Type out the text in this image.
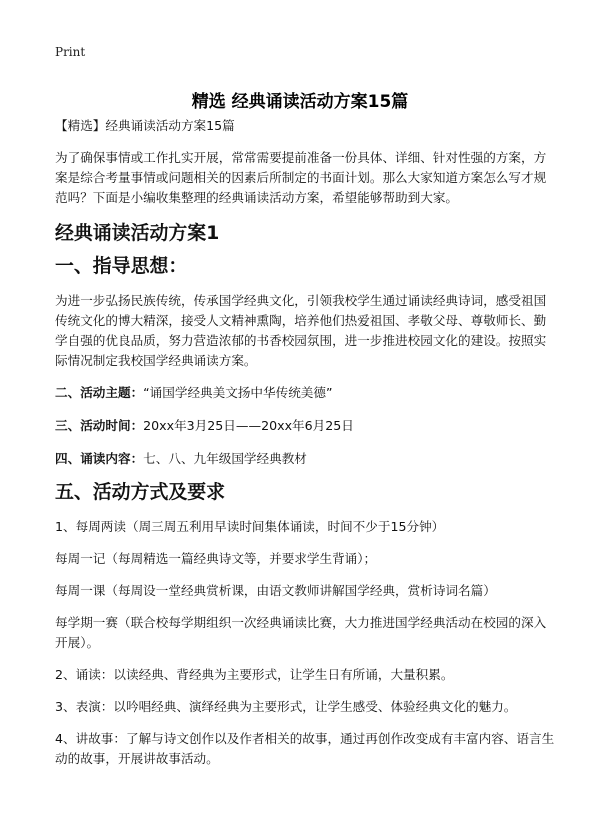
Print
精选 经典诵读活动方案15篇

【精选】经典诵读活动方案15篇

为了确保事情或工作扎实开展，常常需要提前准备一份具体、详细、针对性强的方案，方案是综合考量事情或问题相关的因素后所制定的书面计划。那么大家知道方案怎么写才规范吗？下面是小编收集整理的经典诵读活动方案，希望能够帮助到大家。

经典诵读活动方案1
一、指导思想：

为进一步弘扬民族传统，传承国学经典文化，引领我校学生通过诵读经典诗词，感受祖国传统文化的博大精深，接受人文精神熏陶，培养他们热爱祖国、孝敬父母、尊敬师长、勤学自强的优良品质，努力营造浓郁的书香校园氛围，进一步推进校园文化的建设。按照实际情况制定我校国学经典诵读方案。

二、活动主题：“诵国学经典美文扬中华传统美德”

三、活动时间：20xx年3月25日——20xx年6月25日

四、诵读内容：七、八、九年级国学经典教材

五、活动方式及要求

1、每周两读（周三周五利用早读时间集体诵读，时间不少于15分钟）

每周一记（每周精选一篇经典诗文等，并要求学生背诵）；

每周一课（每周设一堂经典赏析课，由语文教师讲解国学经典，赏析诗词名篇）

每学期一赛（联合校每学期组织一次经典诵读比赛，大力推进国学经典活动在校园的深入开展）。

2、诵读：以读经典、背经典为主要形式，让学生日有所诵，大量积累。

3、表演：以吟唱经典、演绎经典为主要形式，让学生感受、体验经典文化的魅力。

4、讲故事：了解与诗文创作以及作者相关的故事，通过再创作改变成有丰富内容、语言生动的故事，开展讲故事活动。
